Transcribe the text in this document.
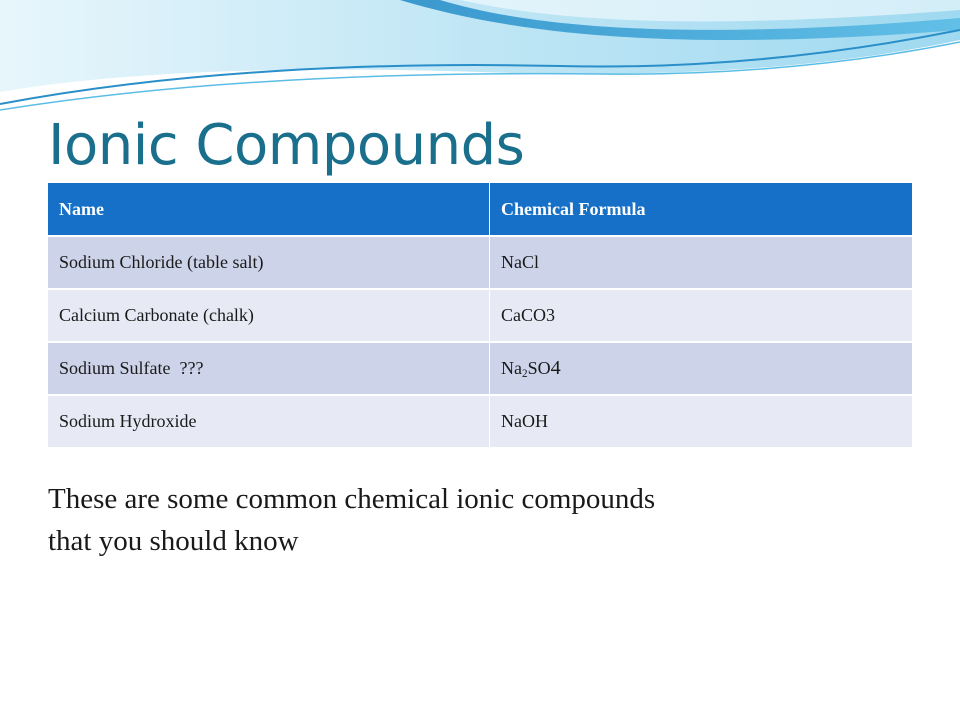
Ionic Compounds
Name	Chemical Formula
Sodium Chloride (table salt)	NaCl
Calcium Carbonate (chalk)	CaCO3
Sodium Sulfate  ???	$Na_2SO4$
Sodium Hydroxide	NaOH

These are some common chemical ionic compounds
that you should know
